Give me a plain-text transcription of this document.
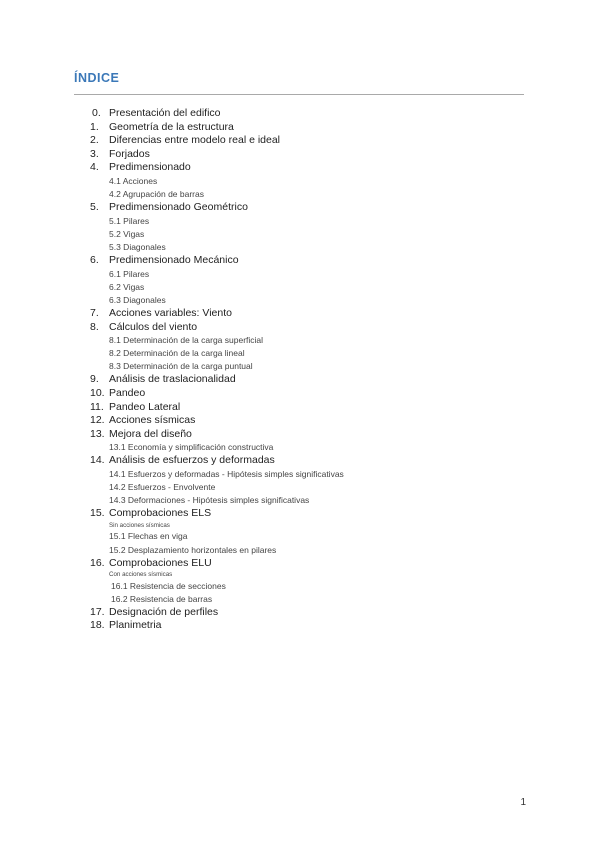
ÍNDICE
0. Presentación del edifico
1. Geometría de la estructura
2. Diferencias entre modelo real e ideal
3. Forjados
4. Predimensionado
4.1 Acciones
4.2 Agrupación de barras
5. Predimensionado Geométrico
5.1 Pilares
5.2 Vigas
5.3 Diagonales
6. Predimensionado Mecánico
6.1 Pilares
6.2 Vigas
6.3 Diagonales
7. Acciones variables: Viento
8. Cálculos del viento
8.1 Determinación de la carga superficial
8.2 Determinación de la carga lineal
8.3 Determinación de la carga puntual
9. Análisis de traslacionalidad
10. Pandeo
11. Pandeo Lateral
12. Acciones sísmicas
13. Mejora del diseño
13.1 Economía y simplificación constructiva
14. Análisis de esfuerzos y deformadas
14.1 Esfuerzos y deformadas - Hipótesis simples significativas
14.2 Esfuerzos - Envolvente
14.3 Deformaciones - Hipótesis simples significativas
15. Comprobaciones ELS
Sin acciones sísmicas
15.1 Flechas en viga
15.2 Desplazamiento horizontales en pilares
16. Comprobaciones ELU
Con acciones sísmicas
16.1 Resistencia de secciones
16.2 Resistencia de barras
17. Designación de perfiles
18. Planimetria
1
